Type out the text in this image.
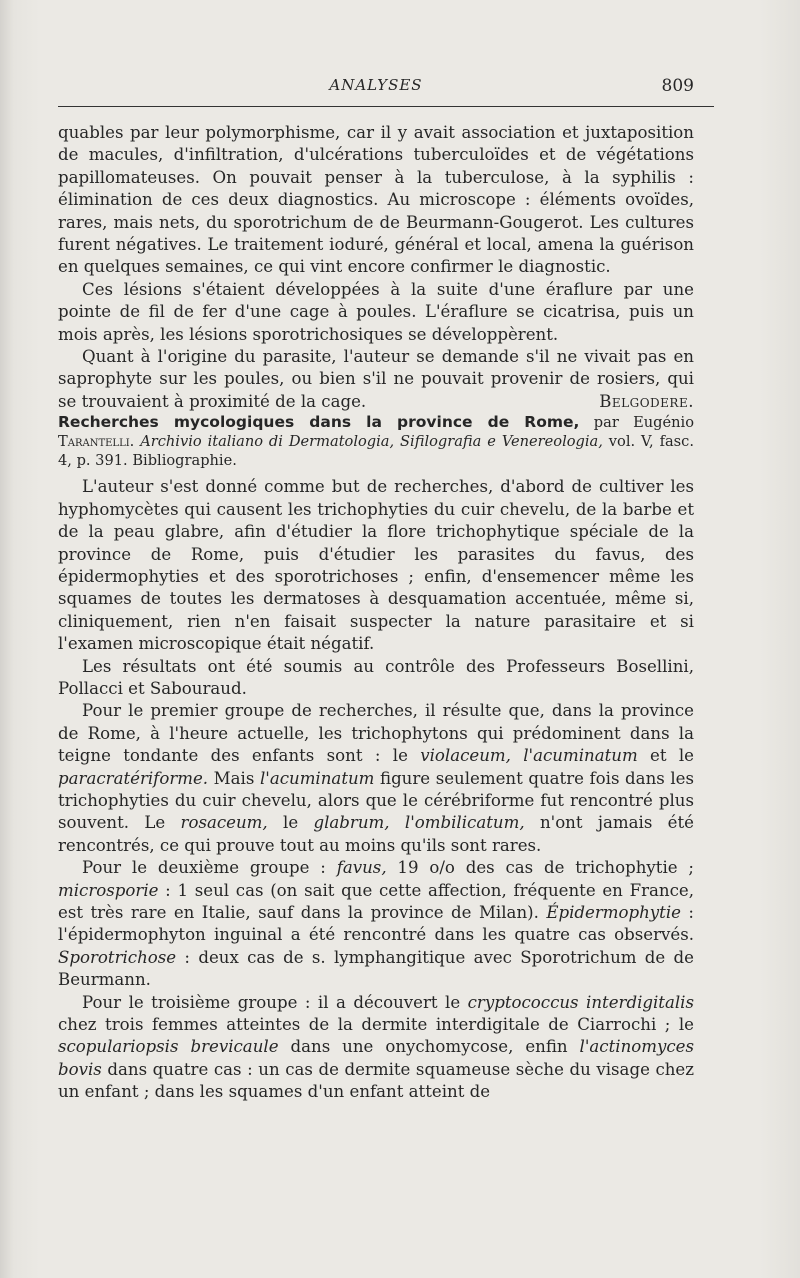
ANALYSES	809

quables par leur polymorphisme, car il y avait association et juxtaposition de macules, d'infiltration, d'ulcérations tuberculoïdes et de végétations papillomateuses. On pouvait penser à la tuberculose, à la syphilis : élimination de ces deux diagnostics. Au microscope : éléments ovoïdes, rares, mais nets, du sporotrichum de de Beurmann-Gougerot. Les cultures furent négatives. Le traitement ioduré, général et local, amena la guérison en quelques semaines, ce qui vint encore confirmer le diagnostic.

Ces lésions s'étaient développées à la suite d'une éraflure par une pointe de fil de fer d'une cage à poules. L'éraflure se cicatrisa, puis un mois après, les lésions sporotrichosiques se développèrent.

Quant à l'origine du parasite, l'auteur se demande s'il ne vivait pas en saprophyte sur les poules, ou bien s'il ne pouvait provenir de rosiers, qui se trouvaient à proximité de la cage.	Belgodere.

Recherches mycologiques dans la province de Rome, par Eugénio Tarantelli. Archivio italiano di Dermatologia, Sifilografia e Venereologia, vol. V, fasc. 4, p. 391. Bibliographie.

L'auteur s'est donné comme but de recherches, d'abord de cultiver les hyphomycètes qui causent les trichophyties du cuir chevelu, de la barbe et de la peau glabre, afin d'étudier la flore trichophytique spéciale de la province de Rome, puis d'étudier les parasites du favus, des épidermophyties et des sporotrichoses ; enfin, d'ensemencer même les squames de toutes les dermatoses à desquamation accentuée, même si, cliniquement, rien n'en faisait suspecter la nature parasitaire et si l'examen microscopique était négatif.

Les résultats ont été soumis au contrôle des Professeurs Bosellini, Pollacci et Sabouraud.

Pour le premier groupe de recherches, il résulte que, dans la province de Rome, à l'heure actuelle, les trichophytons qui prédominent dans la teigne tondante des enfants sont : le violaceum, l'acuminatum et le paracratériforme. Mais l'acuminatum figure seulement quatre fois dans les trichophyties du cuir chevelu, alors que le cérébriforme fut rencontré plus souvent. Le rosaceum, le glabrum, l'ombilicatum, n'ont jamais été rencontrés, ce qui prouve tout au moins qu'ils sont rares.

Pour le deuxième groupe : favus, 19 o/o des cas de trichophytie ; microsporie : 1 seul cas (on sait que cette affection, fréquente en France, est très rare en Italie, sauf dans la province de Milan). Épidermophytie : l'épidermophyton inguinal a été rencontré dans les quatre cas observés. Sporotrichose : deux cas de s. lymphangitique avec Sporotrichum de de Beurmann.

Pour le troisième groupe : il a découvert le cryptococcus interdigitalis chez trois femmes atteintes de la dermite interdigitale de Ciarrochi ; le scopulariopsis brevicaule dans une onychomycose, enfin l'actinomyces bovis dans quatre cas : un cas de dermite squameuse sèche du visage chez un enfant ; dans les squames d'un enfant atteint de
